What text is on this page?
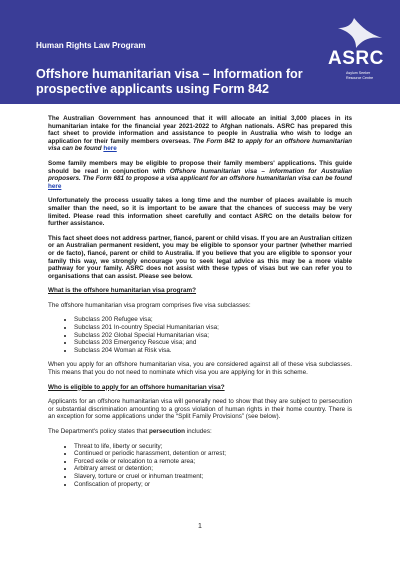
Human Rights Law Program
Offshore humanitarian visa – Information for prospective applicants using Form 842
ASRC
Asylum Seeker Resource Centre

The Australian Government has announced that it will allocate an initial 3,000 places in its humanitarian intake for the financial year 2021-2022 to Afghan nationals. ASRC has prepared this fact sheet to provide information and assistance to people in Australia who wish to lodge an application for their family members overseas. The Form 842 to apply for an offshore humanitarian visa can be found here

Some family members may be eligible to propose their family members' applications. This guide should be read in conjunction with Offshore humanitarian visa – information for Australian proposers. The Form 681 to propose a visa applicant for an offshore humanitarian visa can be found here

Unfortunately the process usually takes a long time and the number of places available is much smaller than the need, so it is important to be aware that the chances of success may be very limited. Please read this information sheet carefully and contact ASRC on the details below for further assistance.

This fact sheet does not address partner, fiancé, parent or child visas. If you are an Australian citizen or an Australian permanent resident, you may be eligible to sponsor your partner (whether married or de facto), fiancé, parent or child to Australia. If you believe that you are eligible to sponsor your family this way, we strongly encourage you to seek legal advice as this may be a more viable pathway for your family. ASRC does not assist with these types of visas but we can refer you to organisations that can assist. Please see below.

What is the offshore humanitarian visa program?

The offshore humanitarian visa program comprises five visa subclasses:

• Subclass 200 Refugee visa;
• Subclass 201 In-country Special Humanitarian visa;
• Subclass 202 Global Special Humanitarian visa;
• Subclass 203 Emergency Rescue visa; and
• Subclass 204 Woman at Risk visa.

When you apply for an offshore humanitarian visa, you are considered against all of these visa subclasses. This means that you do not need to nominate which visa you are applying for in this scheme.

Who is eligible to apply for an offshore humanitarian visa?

Applicants for an offshore humanitarian visa will generally need to show that they are subject to persecution or substantial discrimination amounting to a gross violation of human rights in their home country. There is an exception for some applications under the “Split Family Provisions” (see below).

The Department's policy states that persecution includes:

• Threat to life, liberty or security;
• Continued or periodic harassment, detention or arrest;
• Forced exile or relocation to a remote area;
• Arbitrary arrest or detention;
• Slavery, torture or cruel or inhuman treatment;
• Confiscation of property; or
1
